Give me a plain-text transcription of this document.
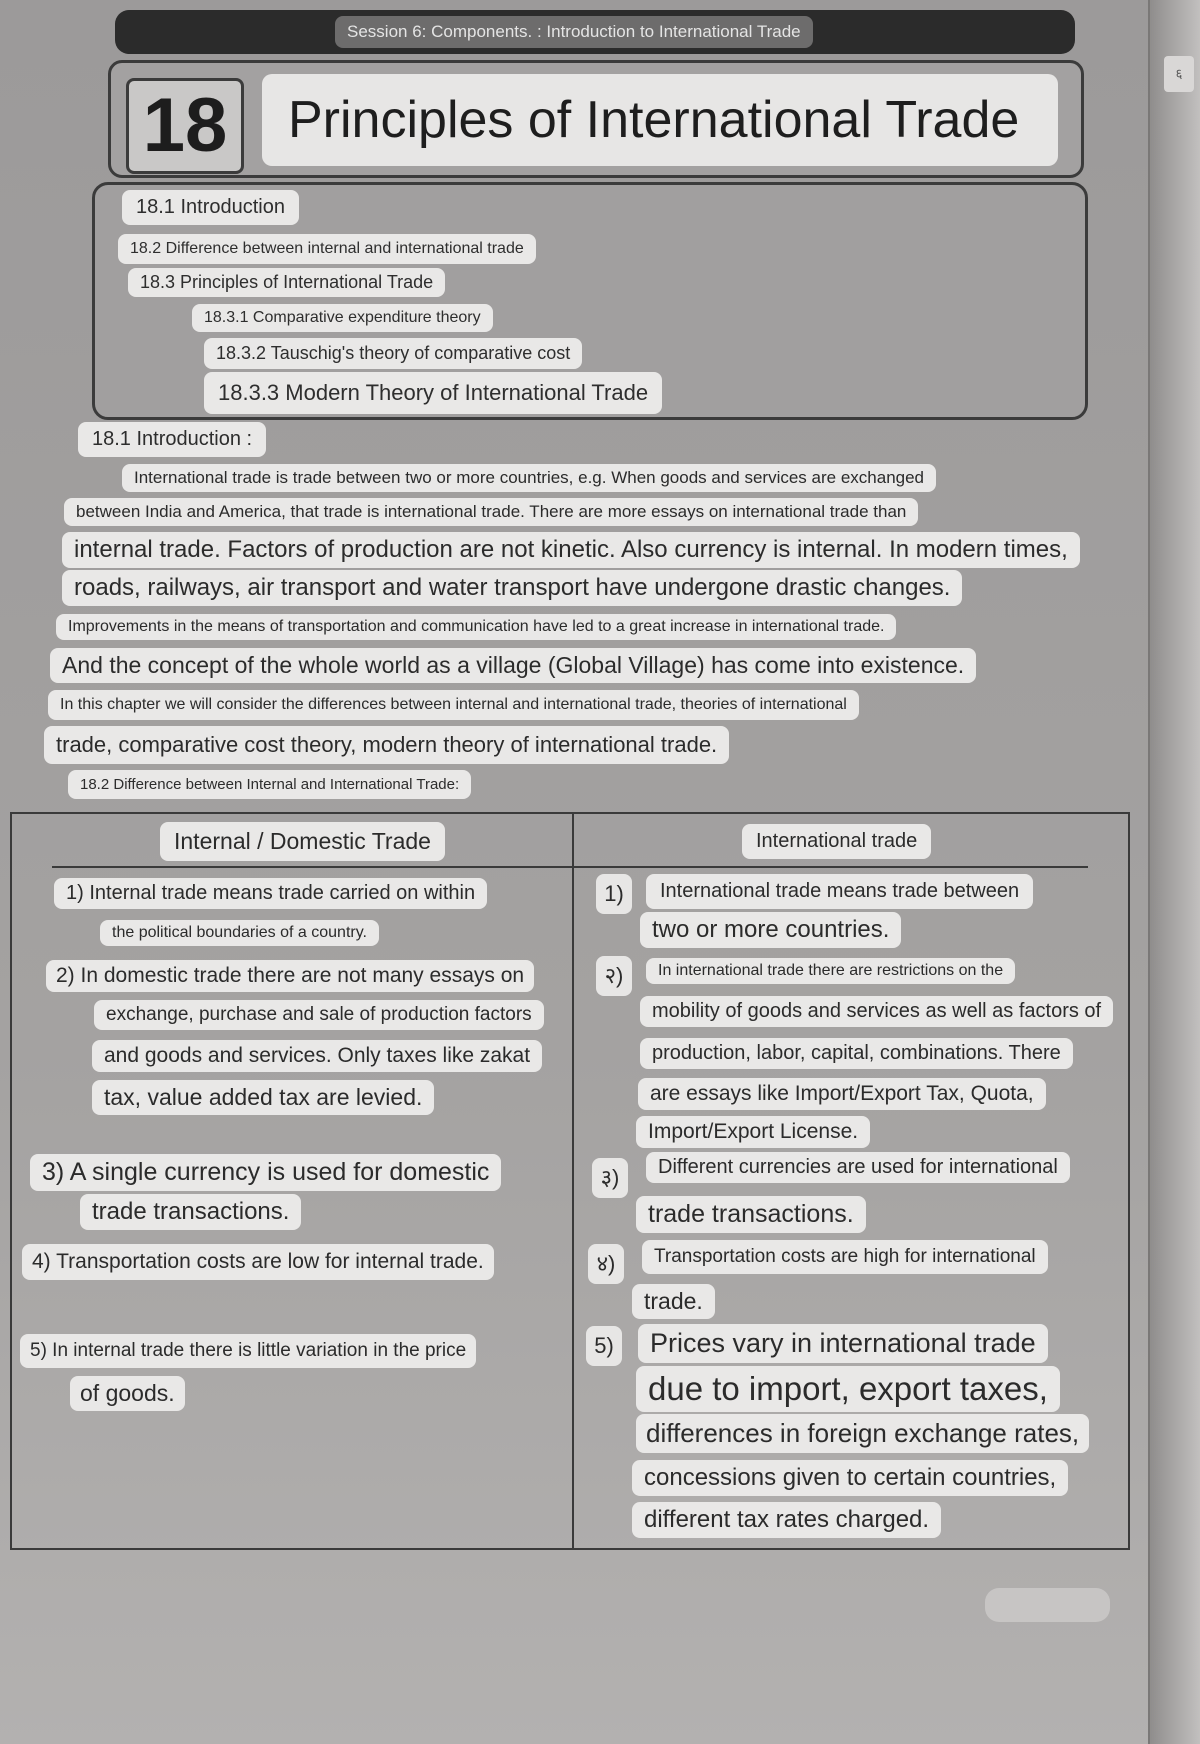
६
Session 6: Components. : Introduction to International Trade
18	Principles of International Trade
18.1 Introduction
18.2 Difference between internal and international trade
18.3 Principles of International Trade
18.3.1 Comparative expenditure theory
18.3.2 Tauschig's theory of comparative cost
18.3.3 Modern Theory of International Trade
18.1 Introduction :
International trade is trade between two or more countries, e.g. When goods and services are exchanged
between India and America, that trade is international trade. There are more essays on international trade than
internal trade. Factors of production are not kinetic. Also currency is internal. In modern times,
roads, railways, air transport and water transport have undergone drastic changes.
Improvements in the means of transportation and communication have led to a great increase in international trade.
And the concept of the whole world as a village (Global Village) has come into existence.
In this chapter we will consider the differences between internal and international trade, theories of international
trade, comparative cost theory, modern theory of international trade.
18.2 Difference between Internal and International Trade:
Internal / Domestic Trade	International trade
1) Internal trade means trade carried on within
the political boundaries of a country.
2) In domestic trade there are not many essays on
exchange, purchase and sale of production factors
and goods and services. Only taxes like zakat
tax, value added tax are levied.
3) A single currency is used for domestic
trade transactions.
4) Transportation costs are low for internal trade.
5) In internal trade there is little variation in the price
of goods.
1)
२)
३)
४)
5)
International trade means trade between
two or more countries.
In international trade there are restrictions on the
mobility of goods and services as well as factors of
production, labor, capital, combinations. There
are essays like Import/Export Tax, Quota,
Import/Export License.
Different currencies are used for international
trade transactions.
Transportation costs are high for international
trade.
Prices vary in international trade
due to import, export taxes,
differences in foreign exchange rates,
concessions given to certain countries,
different tax rates charged.
